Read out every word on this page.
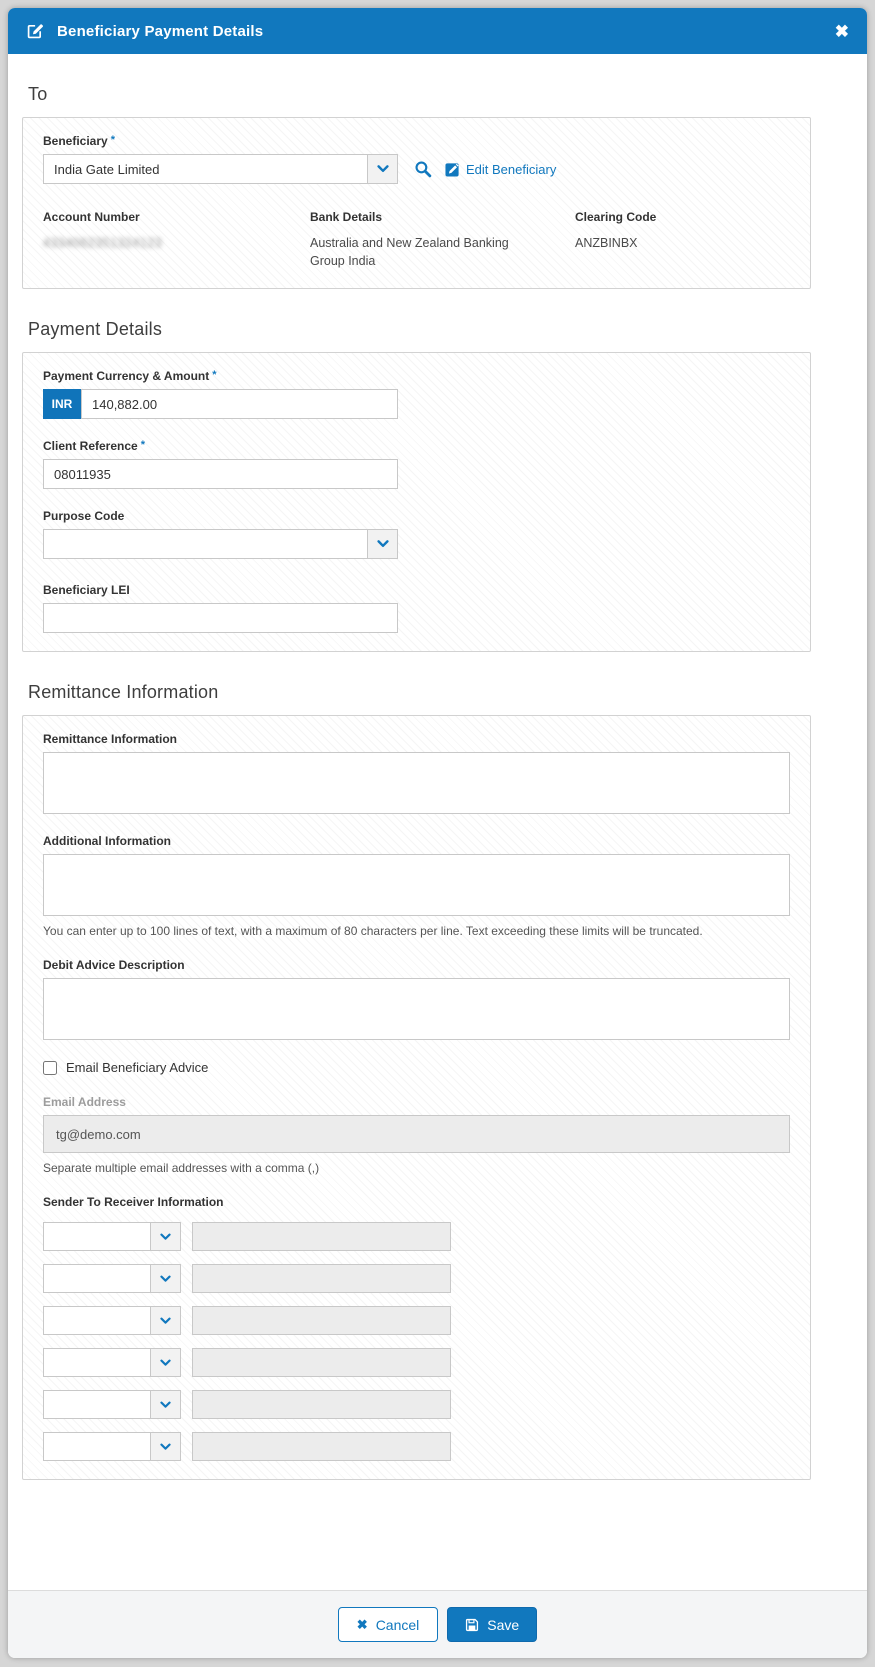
Beneficiary Payment Details	✖
To
Beneficiary *
India Gate Limited	Edit Beneficiary
Account Number
4334062351324123
Bank Details
Australia and New Zealand Banking Group India
Clearing Code
ANZBINBX
Payment Details
Payment Currency & Amount *
INR
140,882.00
Client Reference *
08011935
Purpose Code
Beneficiary LEI
Remittance Information
Remittance Information
Additional Information
You can enter up to 100 lines of text, with a maximum of 80 characters per line. Text exceeding these limits will be truncated.
Debit Advice Description
Email Beneficiary Advice
Email Address
tg@demo.com
Separate multiple email addresses with a comma (,)
Sender To Receiver Information
✖ Cancel	Save
